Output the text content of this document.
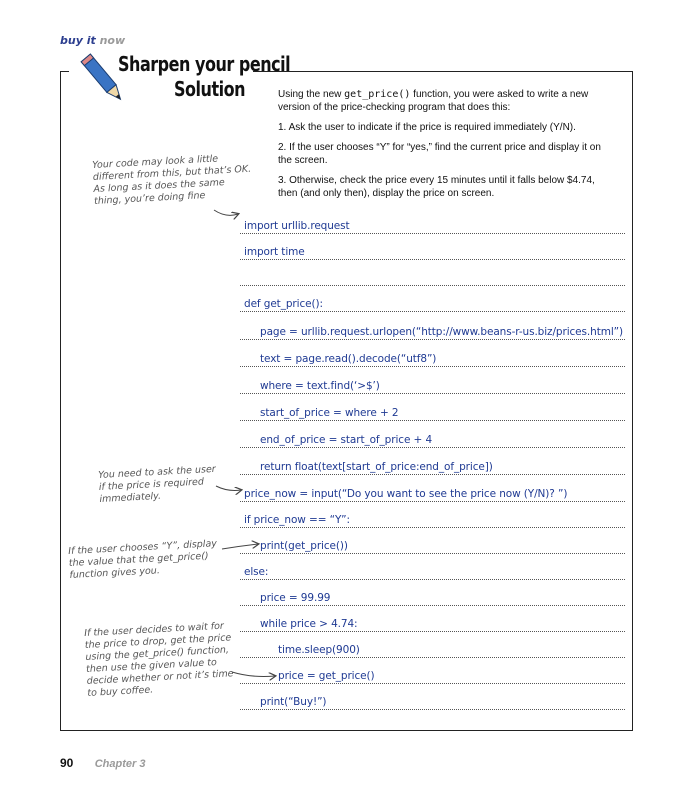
buy it now
Sharpen your pencil
Solution	Using the new get_price() function, you were asked to write a new version of the price-checking program that does this:
1. Ask the user to indicate if the price is required immediately (Y/N).
2. If the user chooses “Y” for “yes,” find the current price and display it on the screen.
3. Otherwise, check the price every 15 minutes until it falls below $4.74, then (and only then), display the price on screen.
import urllib.request
import time
def get_price():
page = urllib.request.urlopen(“http://www.beans-r-us.biz/prices.html”)
text = page.read().decode(“utf8”)
where = text.find(‘>$’)
start_of_price = where + 2
end_of_price = start_of_price + 4
return float(text[start_of_price:end_of_price])
price_now = input(“Do you want to see the price now (Y/N)? ”)
if price_now == “Y”:
print(get_price())
else:
price = 99.99
while price > 4.74:
time.sleep(900)
price = get_price()
print(“Buy!”)
Your code may look a little different from this, but that’s OK. As long as it does the same thing, you’re doing fine
You need to ask the user if the price is required immediately.
If the user chooses “Y”, display the value that the get_price() function gives you.
If the user decides to wait for the price to drop, get the price using the get_price() function, then use the given value to decide whether or not it’s time to buy coffee.
90 Chapter 3
